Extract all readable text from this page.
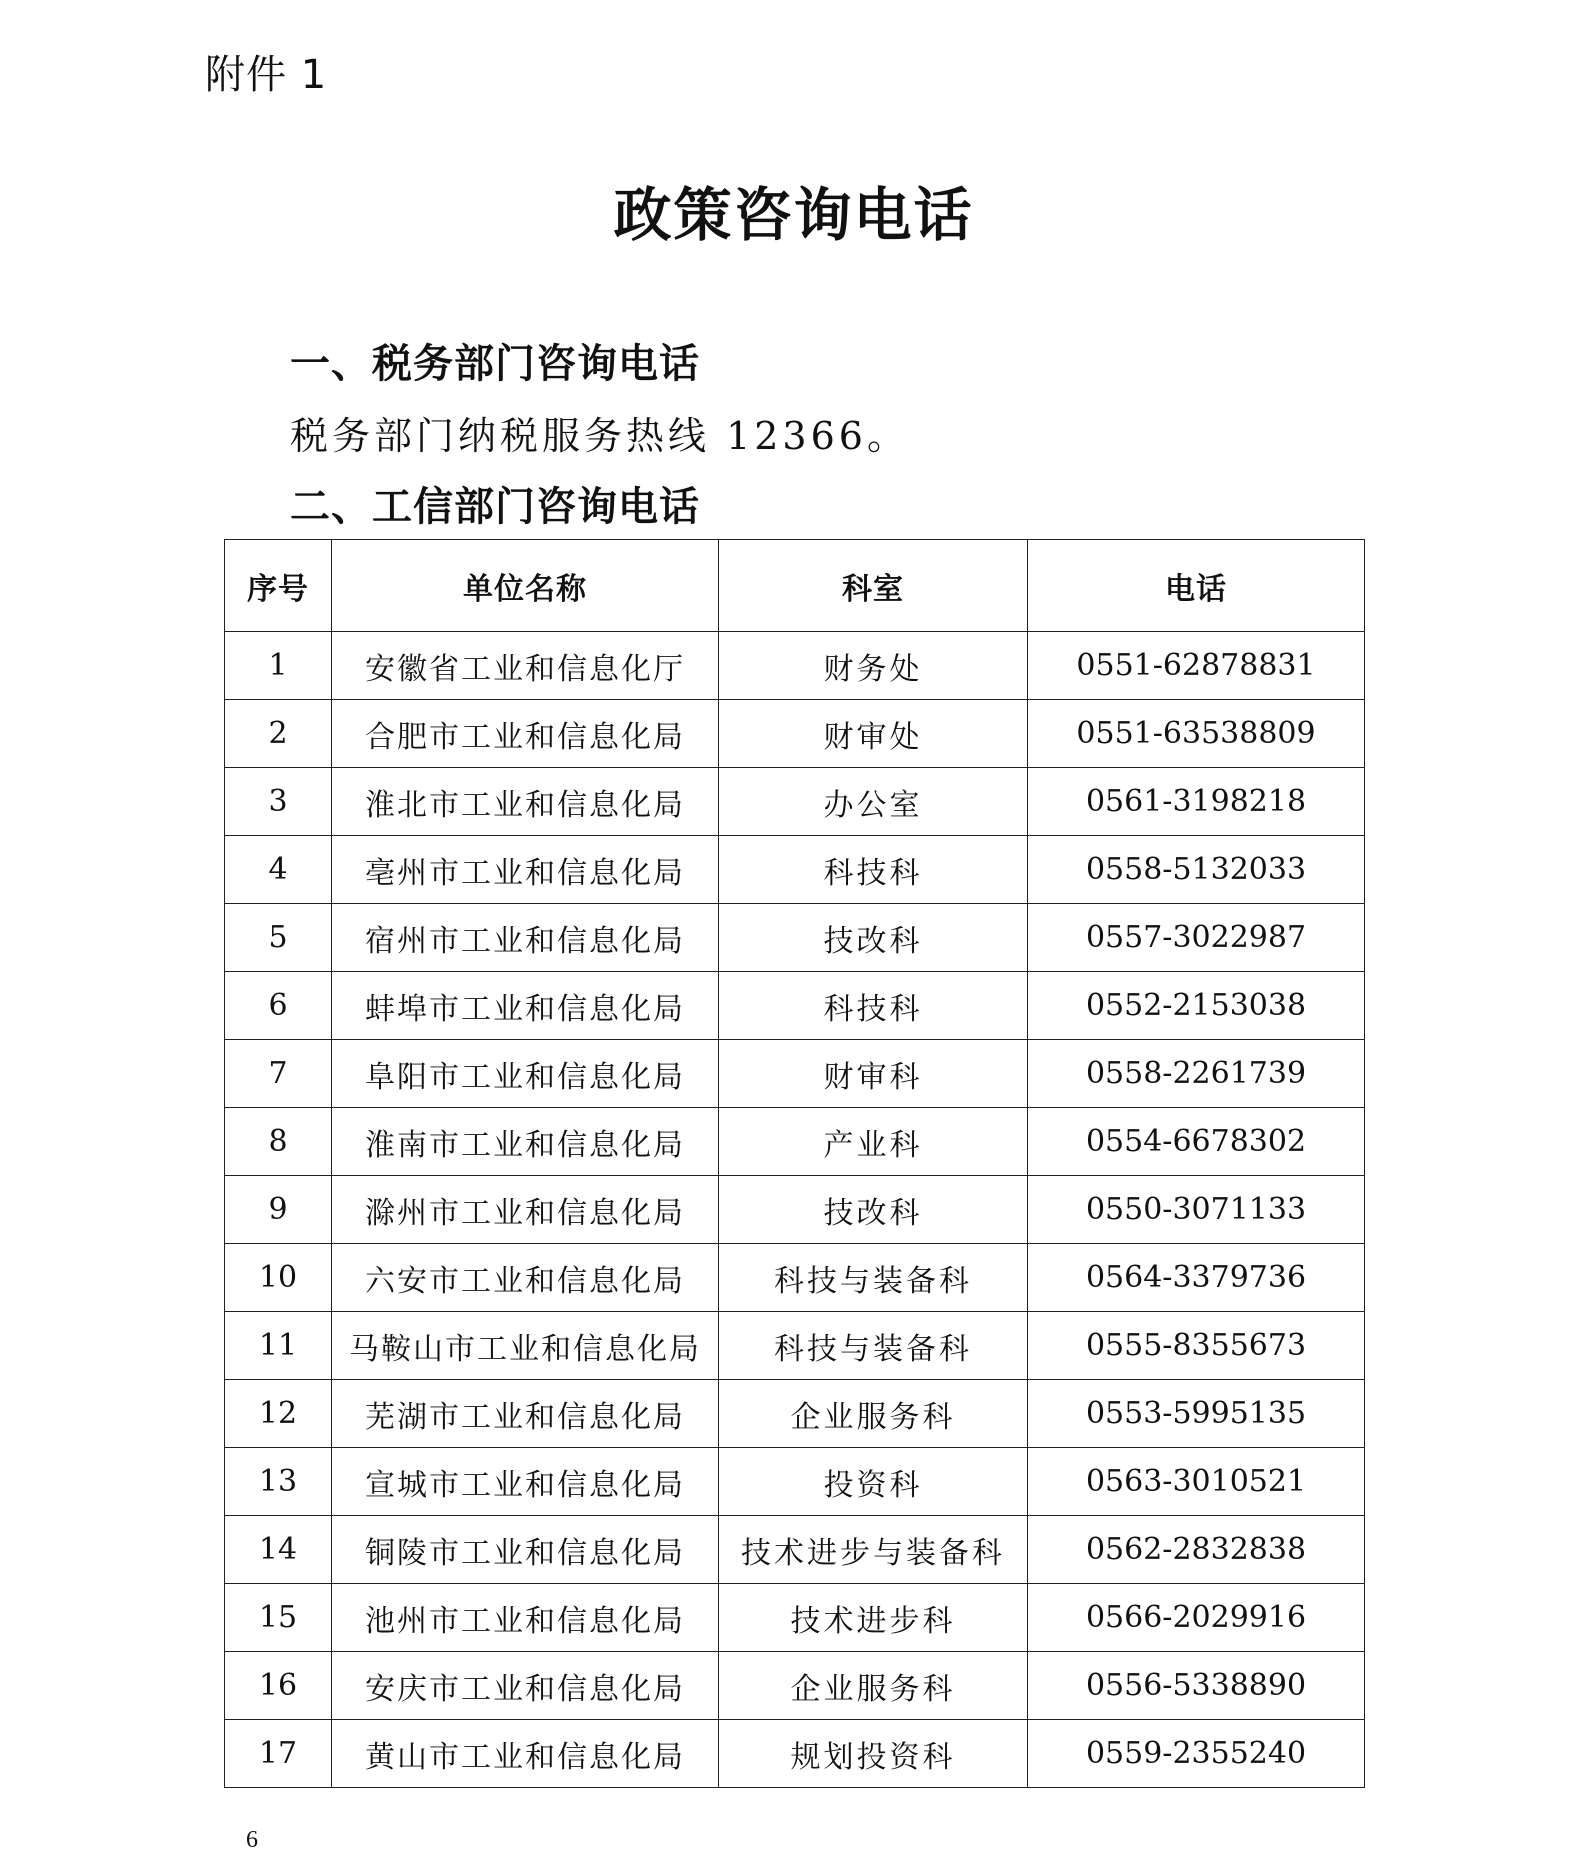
附件 1
政策咨询电话
一、税务部门咨询电话
税务部门纳税服务热线 12366。
二、工信部门咨询电话
序号	单位名称	科室	电话
1	安徽省工业和信息化厅	财务处	0551-62878831
2	合肥市工业和信息化局	财审处	0551-63538809
3	淮北市工业和信息化局	办公室	0561-3198218
4	亳州市工业和信息化局	科技科	0558-5132033
5	宿州市工业和信息化局	技改科	0557-3022987
6	蚌埠市工业和信息化局	科技科	0552-2153038
7	阜阳市工业和信息化局	财审科	0558-2261739
8	淮南市工业和信息化局	产业科	0554-6678302
9	滁州市工业和信息化局	技改科	0550-3071133
10	六安市工业和信息化局	科技与装备科	0564-3379736
11	马鞍山市工业和信息化局	科技与装备科	0555-8355673
12	芜湖市工业和信息化局	企业服务科	0553-5995135
13	宣城市工业和信息化局	投资科	0563-3010521
14	铜陵市工业和信息化局	技术进步与装备科	0562-2832838
15	池州市工业和信息化局	技术进步科	0566-2029916
16	安庆市工业和信息化局	企业服务科	0556-5338890
17	黄山市工业和信息化局	规划投资科	0559-2355240
6
